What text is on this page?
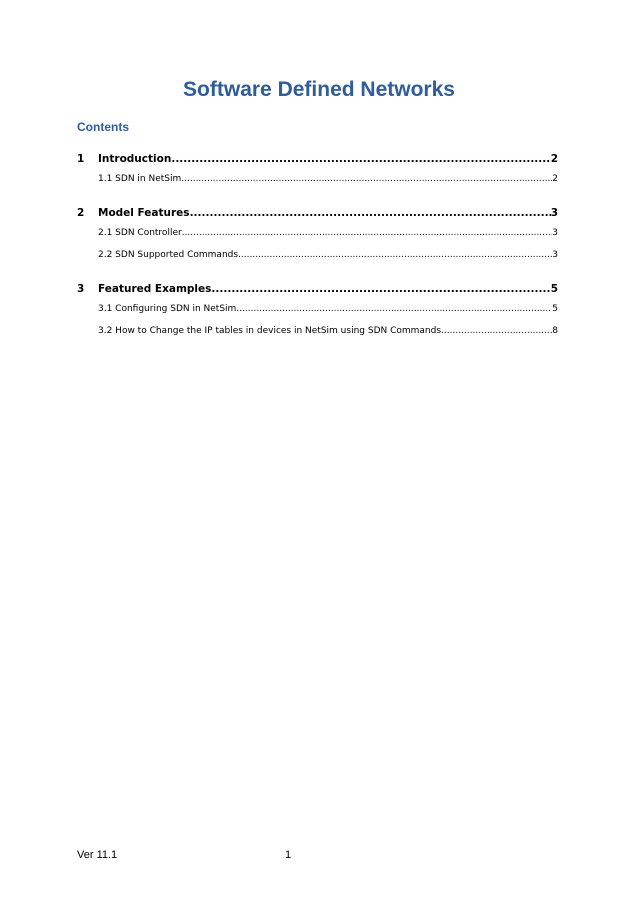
Software Defined Networks
Contents
1	Introduction .....	2
1.1 SDN in NetSim .....	2
2	Model Features .....	3
2.1 SDN Controller .....	3
2.2 SDN Supported Commands .....	3
3	Featured Examples .....	5
3.1 Configuring SDN in NetSim .....	5
3.2 How to Change the IP tables in devices in NetSim using SDN Commands .....	8
Ver 11.1	1
